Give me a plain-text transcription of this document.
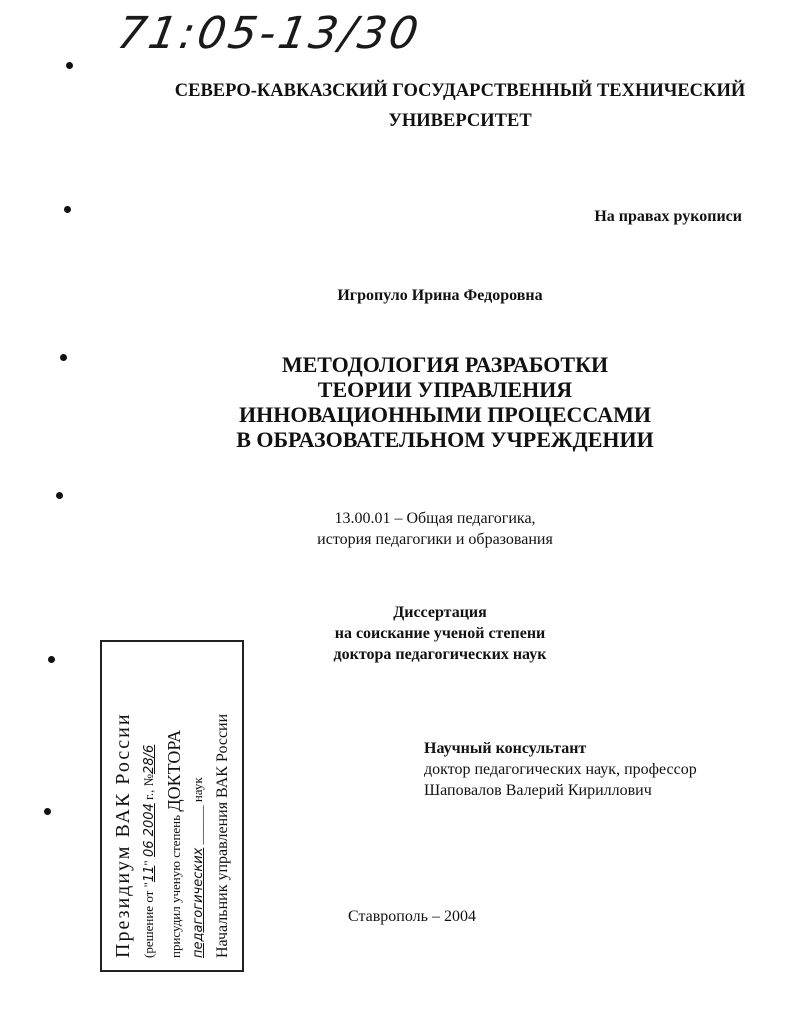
71:05-13/30
СЕВЕРО-КАВКАЗСКИЙ ГОСУДАРСТВЕННЫЙ ТЕХНИЧЕСКИЙ
УНИВЕРСИТЕТ
На правах рукописи
Игропуло Ирина Федоровна
МЕТОДОЛОГИЯ РАЗРАБОТКИ
ТЕОРИИ УПРАВЛЕНИЯ
ИННОВАЦИОННЫМИ ПРОЦЕССАМИ
В ОБРАЗОВАТЕЛЬНОМ УЧРЕЖДЕНИИ
13.00.01 – Общая педагогика,
история педагогики и образования
Диссертация
на соискание ученой степени
доктора педагогических наук
Научный консультант
доктор педагогических наук, профессор
Шаповалов Валерий Кириллович
Ставрополь – 2004
Президиум ВАК России (решение от "11" 06 2004 г., №28/6
присудил ученую степень ДОКТОРА
педагогических ______ наук Начальник управления ВАК России
